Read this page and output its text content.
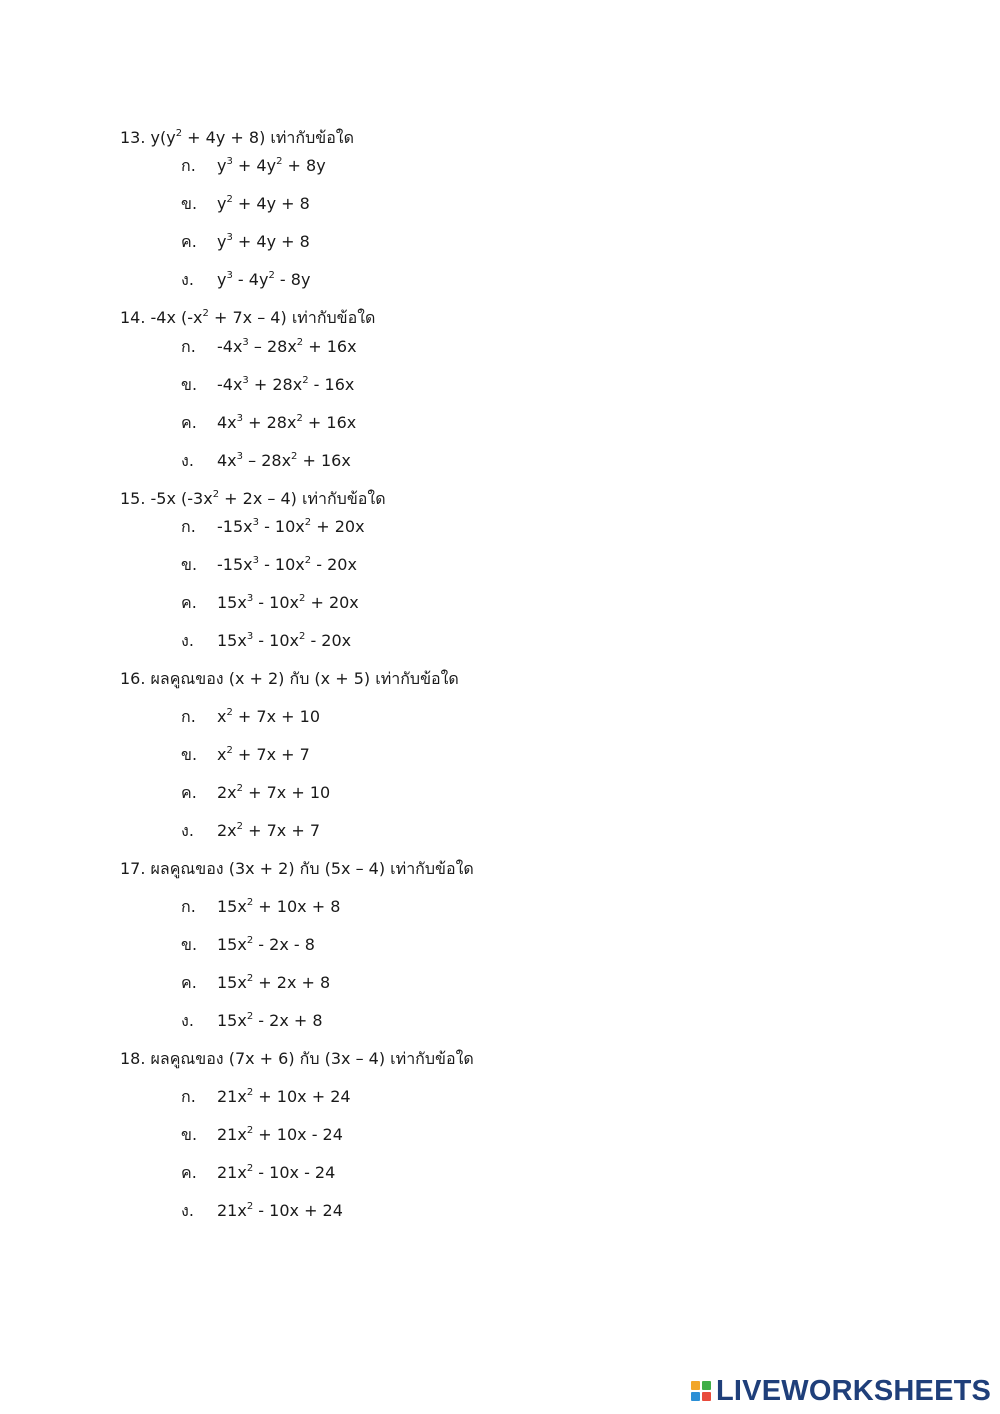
13. $y(y^2 + 4y + 8)$ เท่ากับข้อใด
ก. $y^3 + 4y^2 + 8y$
ข. $y^2 + 4y + 8$
ค. $y^3 + 4y + 8$
ง. $y^3 - 4y^2 - 8y$
14. -4x $(-x^2 + 7x - 4)$ เท่ากับข้อใด
ก. $-4x^3 - 28x^2 + 16x$
ข. $-4x^3 + 28x^2 - 16x$
ค. $4x^3 + 28x^2 + 16x$
ง. $4x^3 - 28x^2 + 16x$
15. -5x $(-3x^2 + 2x - 4)$ เท่ากับข้อใด
ก. $-15x^3 - 10x^2 + 20x$
ข. $-15x^3 - 10x^2 - 20x$
ค. $15x^3 - 10x^2 + 20x$
ง. $15x^3 - 10x^2 - 20x$
16. ผลคูณของ (x + 2) กับ (x + 5) เท่ากับข้อใด
ก. $x^2 + 7x + 10$
ข. $x^2 + 7x + 7$
ค. $2x^2 + 7x + 10$
ง. $2x^2 + 7x + 7$
17. ผลคูณของ (3x + 2) กับ (5x – 4) เท่ากับข้อใด
ก. $15x^2 + 10x + 8$
ข. $15x^2 - 2x - 8$
ค. $15x^2 + 2x + 8$
ง. $15x^2 - 2x + 8$
18. ผลคูณของ (7x + 6) กับ (3x – 4) เท่ากับข้อใด
ก. $21x^2 + 10x + 24$
ข. $21x^2 + 10x - 24$
ค. $21x^2 - 10x - 24$
ง. $21x^2 - 10x + 24$
LIVEWORKSHEETS
